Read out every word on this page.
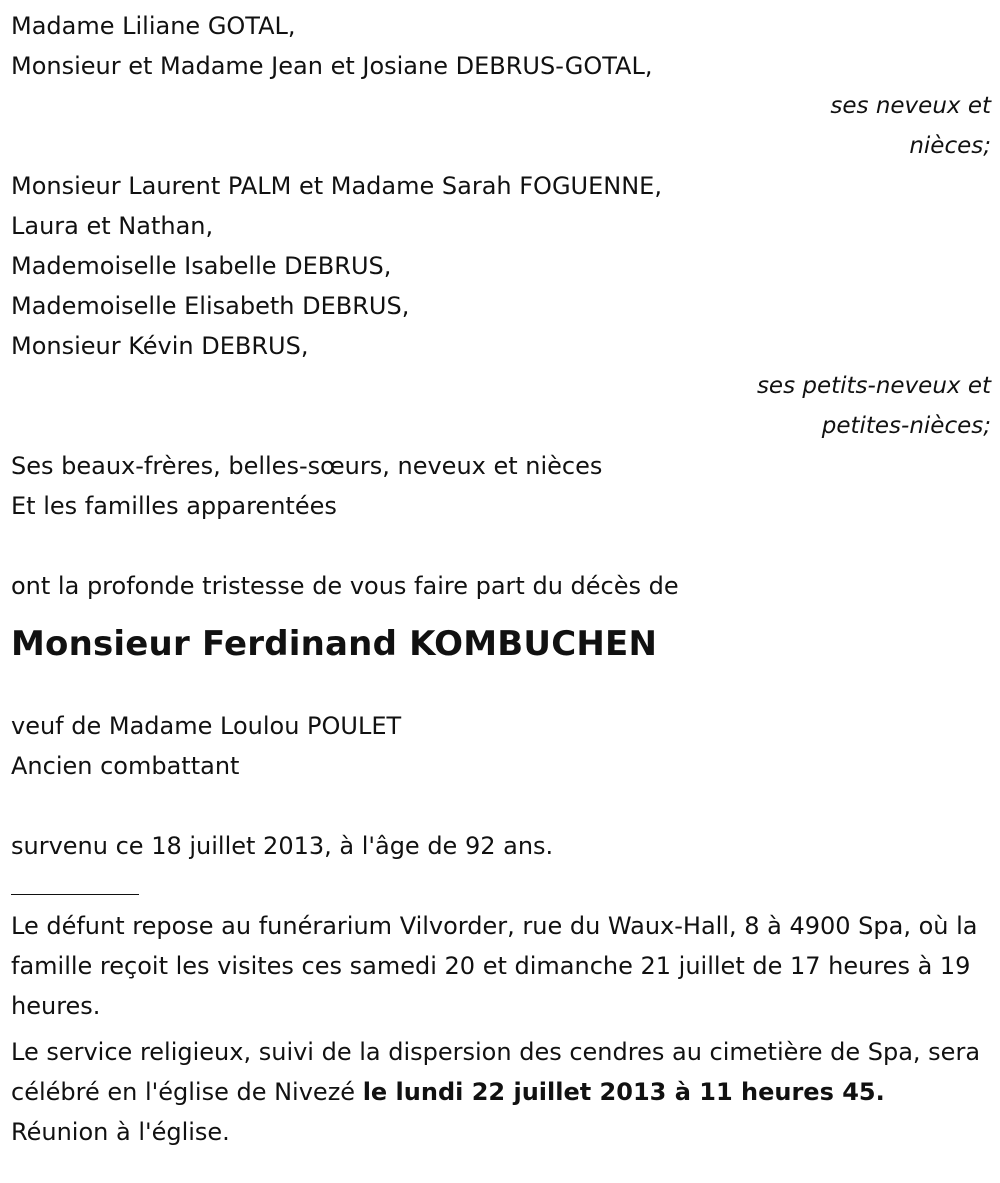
Madame Liliane GOTAL,
Monsieur et Madame Jean et Josiane DEBRUS-GOTAL,
ses neveux et
nièces;
Monsieur Laurent PALM et Madame Sarah FOGUENNE,
Laura et Nathan,
Mademoiselle Isabelle DEBRUS,
Mademoiselle Elisabeth DEBRUS,
Monsieur Kévin DEBRUS,
ses petits-neveux et
petites-nièces;
Ses beaux-frères, belles-sœurs, neveux et nièces
Et les familles apparentées
ont la profonde tristesse de vous faire part du décès de
Monsieur Ferdinand KOMBUCHEN
veuf de Madame Loulou POULET
Ancien combattant
survenu ce 18 juillet 2013, à l'âge de 92 ans.

Le défunt repose au funérarium Vilvorder, rue du Waux-Hall, 8 à 4900 Spa, où la famille reçoit les visites ces samedi 20 et dimanche 21 juillet de 17 heures à 19 heures.

Le service religieux, suivi de la dispersion des cendres au cimetière de Spa, sera célébré en l'église de Nivezé le lundi 22 juillet 2013 à 11 heures 45. Réunion à l'église.
